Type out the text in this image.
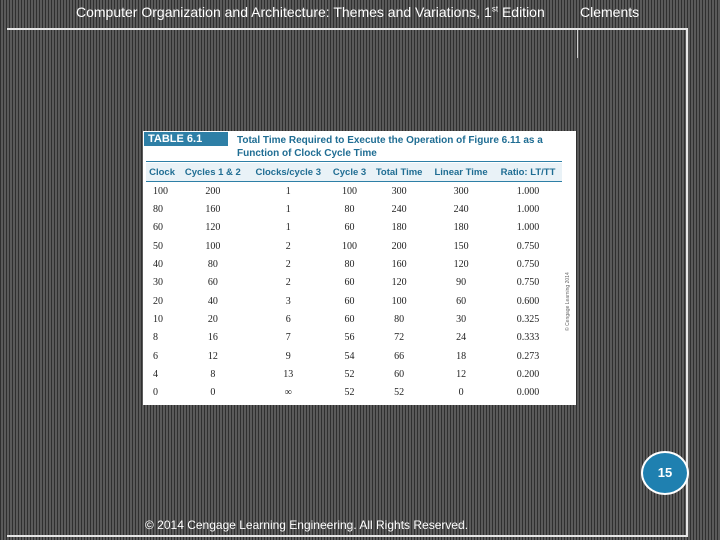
Computer Organization and Architecture: Themes and Variations, 1st Edition	Clements
TABLE 6.1	Total Time Required to Execute the Operation of Figure 6.11 as a Function of Clock Cycle Time
Clock	Cycles 1 & 2	Clocks/cycle 3	Cycle 3	Total Time	Linear Time	Ratio: LT/TT
100	200	1	100	300	300	1.000
80	160	1	80	240	240	1.000
60	120	1	60	180	180	1.000
50	100	2	100	200	150	0.750
40	80	2	80	160	120	0.750
30	60	2	60	120	90	0.750
20	40	3	60	100	60	0.600
10	20	6	60	80	30	0.325
8	16	7	56	72	24	0.333
6	12	9	54	66	18	0.273
4	8	13	52	60	12	0.200
0	0	∞	52	52	0	0.000
© Cengage Learning 2014
15
© 2014 Cengage Learning Engineering. All Rights Reserved.
